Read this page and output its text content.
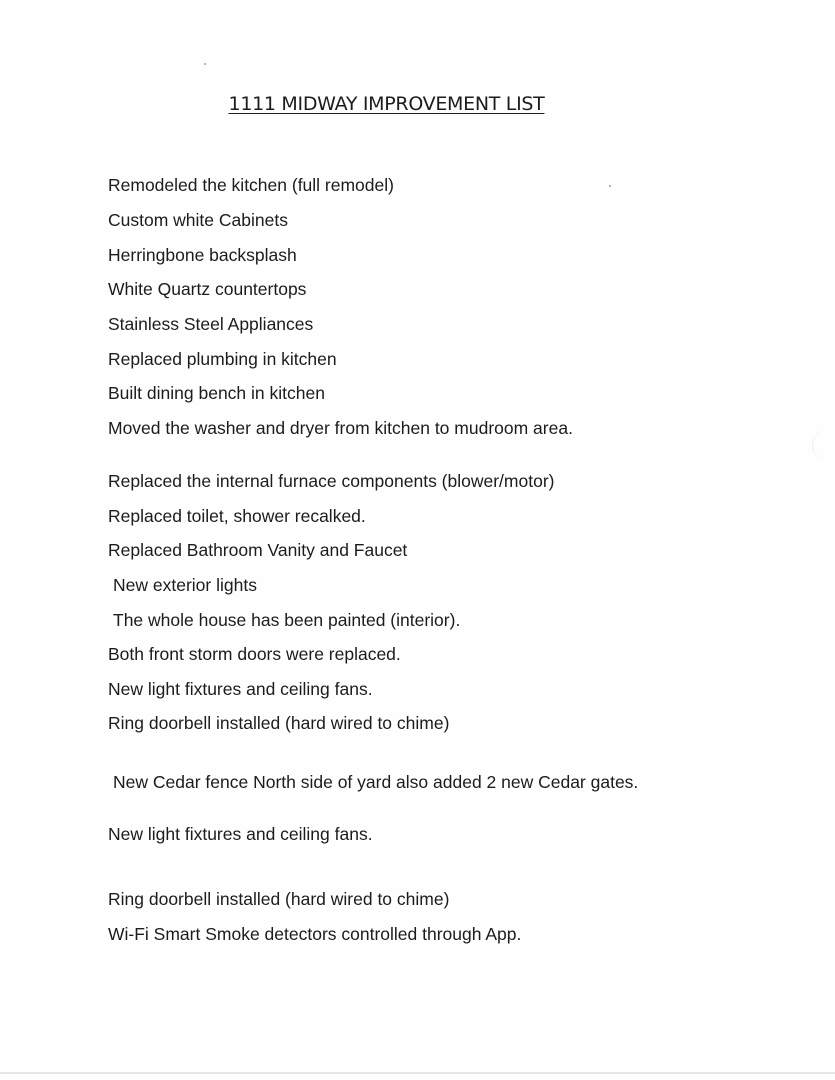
1111 MIDWAY IMPROVEMENT LIST
Remodeled the kitchen (full remodel)
Custom white Cabinets
Herringbone backsplash
White Quartz countertops
Stainless Steel Appliances
Replaced plumbing in kitchen
Built dining bench in kitchen
Moved the washer and dryer from kitchen to mudroom area.
Replaced the internal furnace components (blower/motor)
Replaced toilet, shower recalked.
Replaced Bathroom Vanity and Faucet
New exterior lights
The whole house has been painted (interior).
Both front storm doors were replaced.
New light fixtures and ceiling fans.
Ring doorbell installed (hard wired to chime)
New Cedar fence North side of yard also added 2 new Cedar gates.
New light fixtures and ceiling fans.
Ring doorbell installed (hard wired to chime)
Wi-Fi Smart Smoke detectors controlled through App.
